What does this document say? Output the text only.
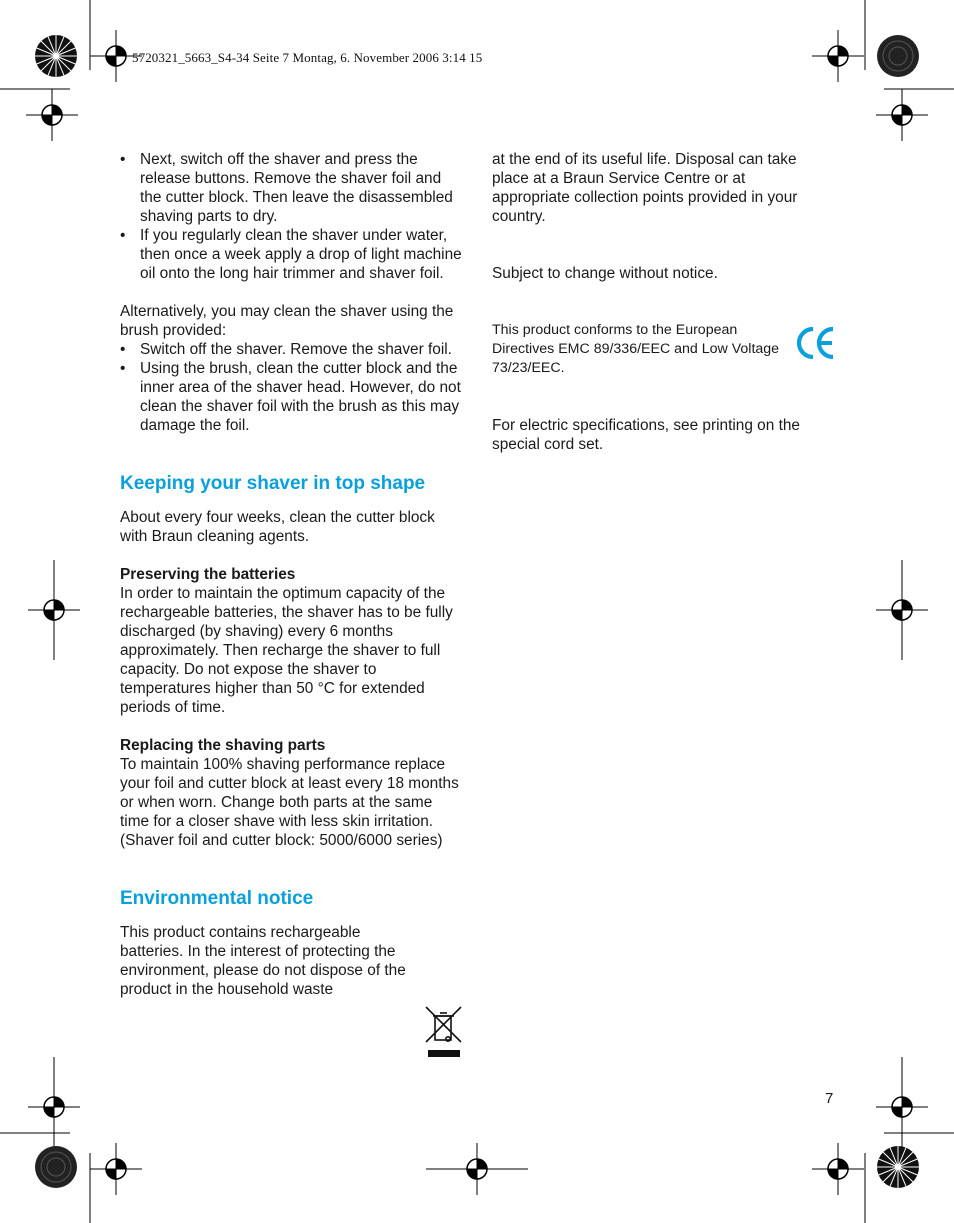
5720321_5663_S4-34 Seite 7 Montag, 6. November 2006 3:14 15
• Next, switch off the shaver and press the release buttons. Remove the shaver foil and the cutter block. Then leave the disassembled shaving parts to dry.
• If you regularly clean the shaver under water, then once a week apply a drop of light machine oil onto the long hair trimmer and shaver foil.

Alternatively, you may clean the shaver using the brush provided:

• Switch off the shaver. Remove the shaver foil.
• Using the brush, clean the cutter block and the inner area of the shaver head. However, do not clean the shaver foil with the brush as this may damage the foil.
Keeping your shaver in top shape

About every four weeks, clean the cutter block with Braun cleaning agents.

Preserving the batteries

In order to maintain the optimum capacity of the rechargeable batteries, the shaver has to be fully discharged (by shaving) every 6 months approximately. Then recharge the shaver to full capacity. Do not expose the shaver to temperatures higher than 50 °C for extended periods of time.

Replacing the shaving parts

To maintain 100% shaving performance replace your foil and cutter block at least every 18 months or when worn. Change both parts at the same time for a closer shave with less skin irritation.

(Shaver foil and cutter block: 5000/6000 series)

Environmental notice

This product contains rechargeable batteries. In the interest of protecting the environment, please do not dispose of the product in the household waste

at the end of its useful life. Disposal can take place at a Braun Service Centre or at appropriate collection points provided in your country.

Subject to change without notice.

This product conforms to the European Directives EMC 89/336/EEC and Low Voltage 73/23/EEC.

For electric specifications, see printing on the special cord set.

7
